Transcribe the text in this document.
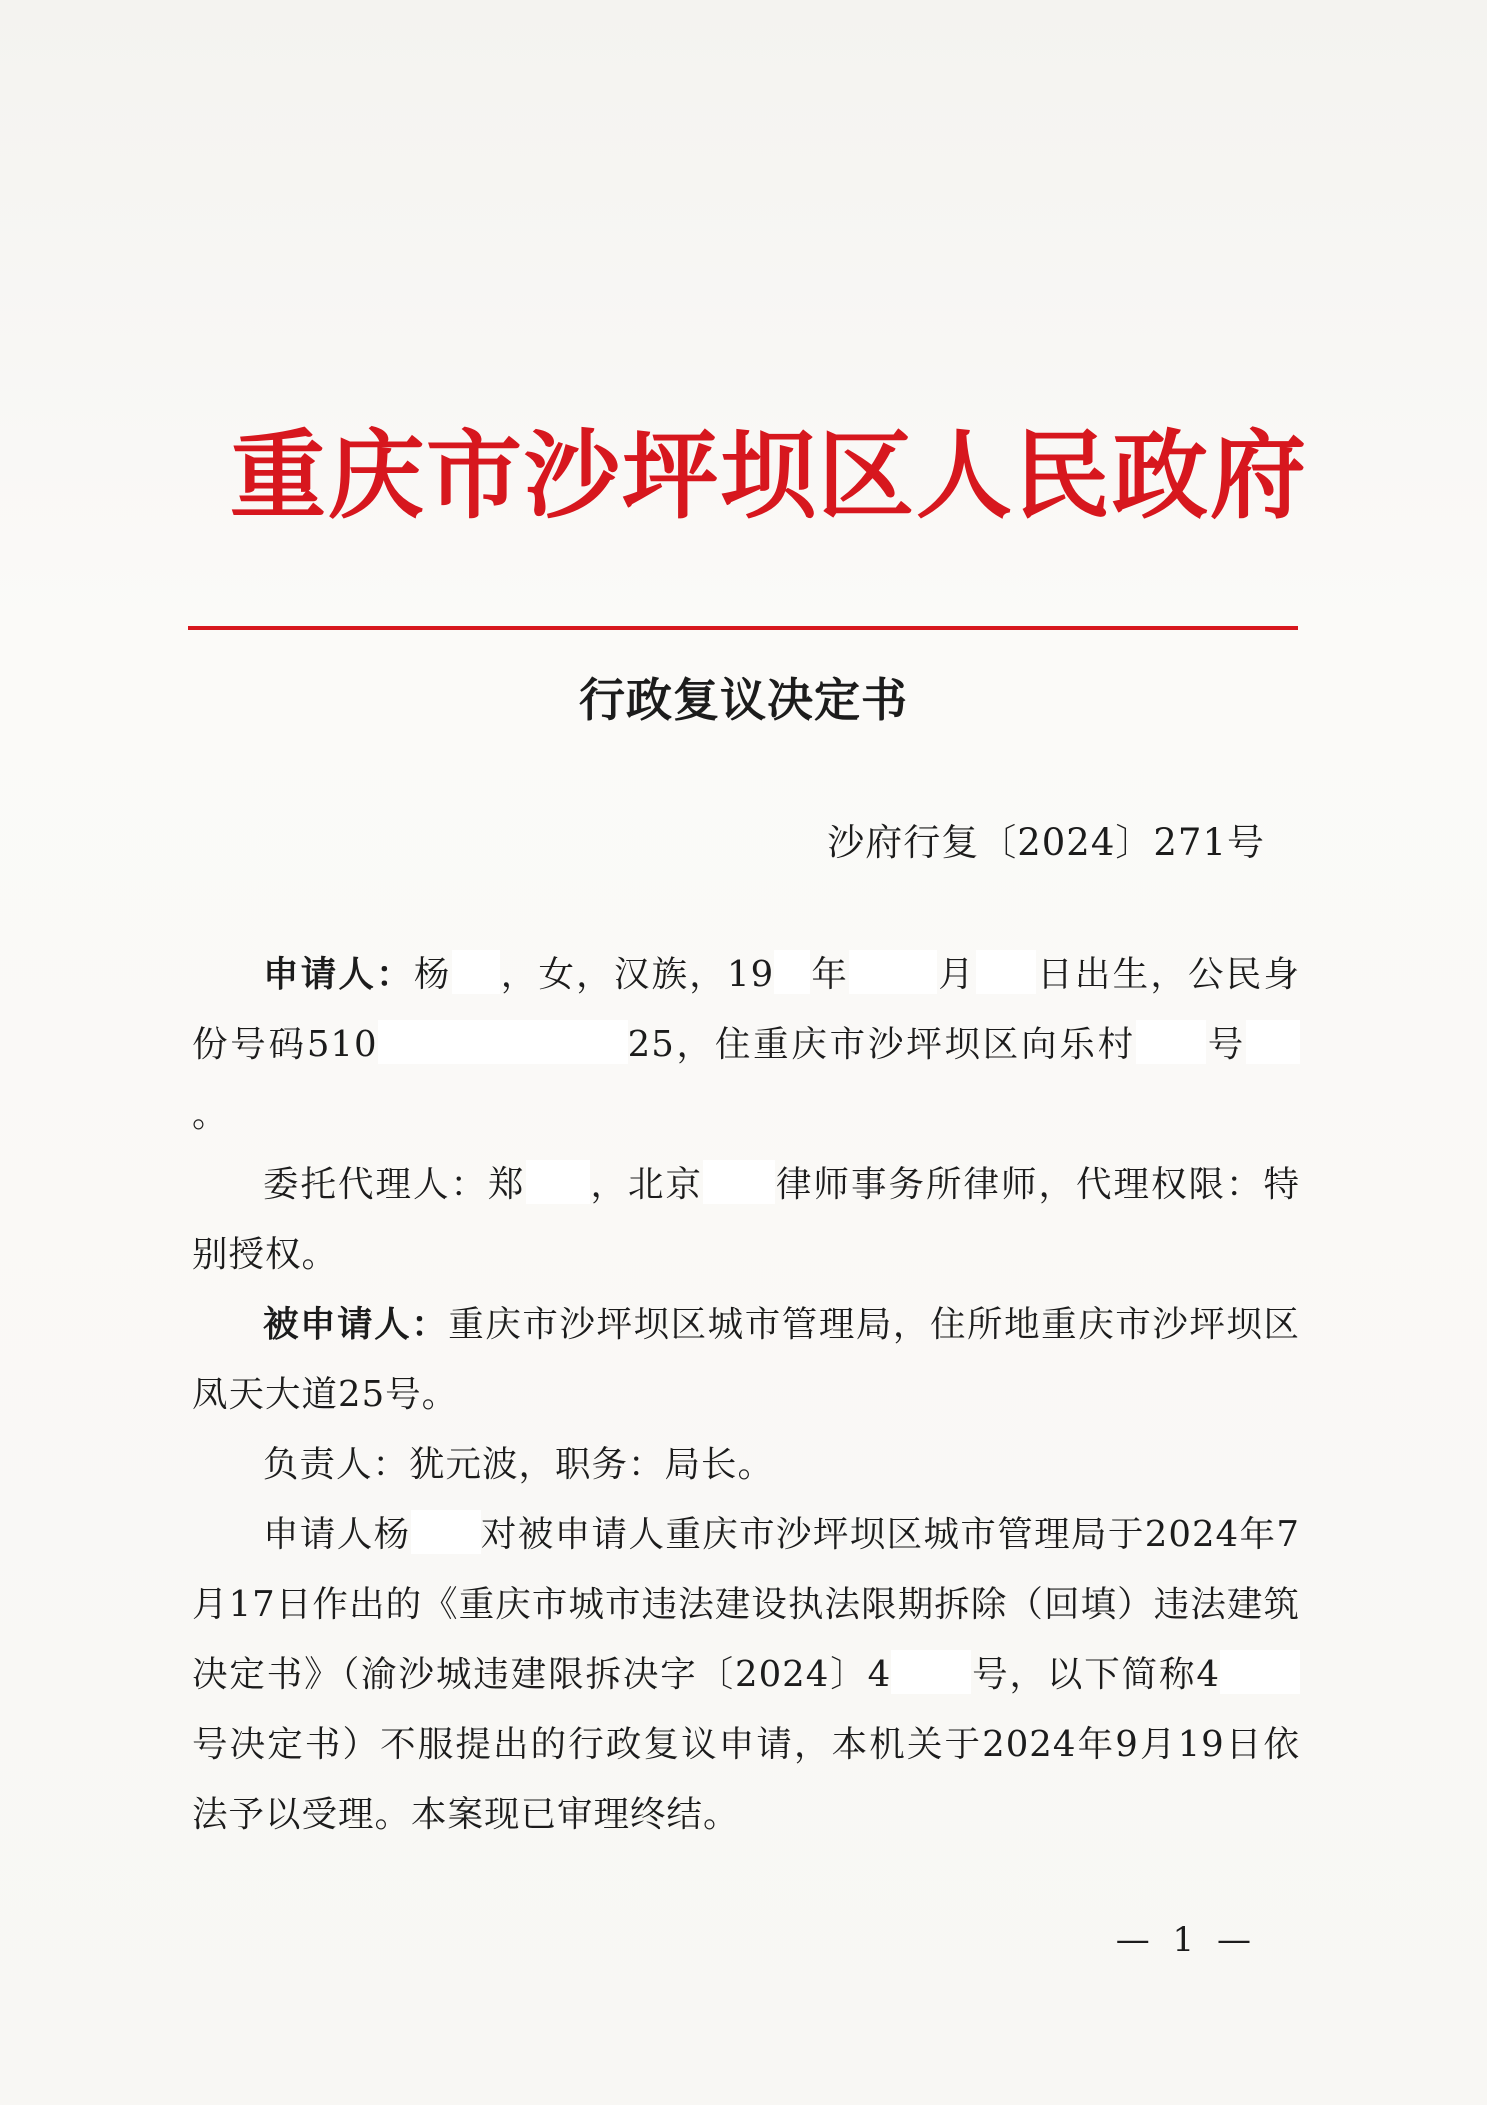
重庆市沙坪坝区人民政府
行政复议决定书
沙府行复〔2024〕271号

申请人：杨 ，女，汉族，19 年 月 日出生，公民身份号码510	25，住重庆市沙坪坝区向乐村 号。

委托代理人：郑 ，北京 律师事务所律师，代理权限：特别授权。

被申请人：重庆市沙坪坝区城市管理局，住所地重庆市沙坪坝区凤天大道25号。

负责人：犹元波，职务：局长。

申请人杨 对被申请人重庆市沙坪坝区城市管理局于2024年7月17日作出的《重庆市城市违法建设执法限期拆除（回填）违法建筑决定书》（渝沙城违建限拆决字〔2024〕4 号，以下简称4号决定书）不服提出的行政复议申请，本机关于2024年9月19日依法予以受理。本案现已审理终结。

— 1 —
